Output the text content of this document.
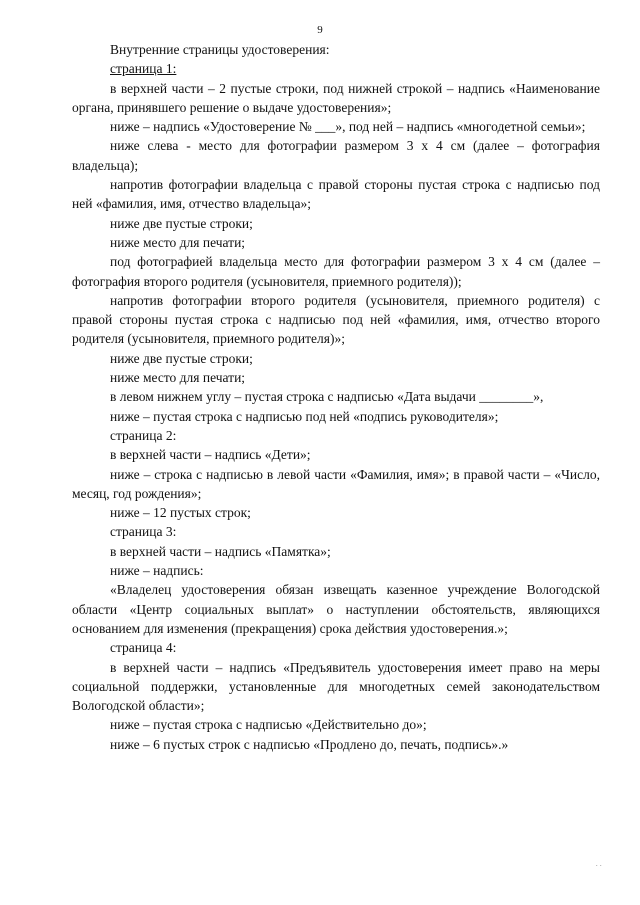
9

Внутренние страницы удостоверения:

страница 1:

в верхней части – 2 пустые строки, под нижней строкой – надпись «Наименование органа, принявшего решение о выдаче удостоверения»;

ниже – надпись «Удостоверение № ___», под ней – надпись «многодетной семьи»;

ниже слева - место для фотографии размером 3 х 4 см (далее – фотография владельца);

напротив фотографии владельца с правой стороны пустая строка с надписью под ней «фамилия, имя, отчество владельца»;

ниже две пустые строки;

ниже место для печати;

под фотографией владельца место для фотографии размером 3 х 4 см (далее – фотография второго родителя (усыновителя, приемного родителя));

напротив фотографии второго родителя (усыновителя, приемного родителя) с правой стороны пустая строка с надписью под ней «фамилия, имя, отчество второго родителя (усыновителя, приемного родителя)»;

ниже две пустые строки;

ниже место для печати;

в левом нижнем углу – пустая строка с надписью «Дата выдачи ________»,

ниже – пустая строка с надписью под ней «подпись руководителя»;

страница 2:

в верхней части – надпись «Дети»;

ниже – строка с надписью в левой части «Фамилия, имя»; в правой части – «Число, месяц, год рождения»;

ниже – 12 пустых строк;

страница 3:

в верхней части – надпись «Памятка»;

ниже – надпись:

«Владелец удостоверения обязан извещать казенное учреждение Вологодской области «Центр социальных выплат» о наступлении обстоятельств, являющихся основанием для изменения (прекращения) срока действия удостоверения.»;

страница 4:

в верхней части – надпись «Предъявитель удостоверения имеет право на меры социальной поддержки, установленные для многодетных семей законодательством Вологодской области»;

ниже – пустая строка с надписью «Действительно до»;

ниже – 6 пустых строк с надписью «Продлено до, печать, подпись».»

· ·
